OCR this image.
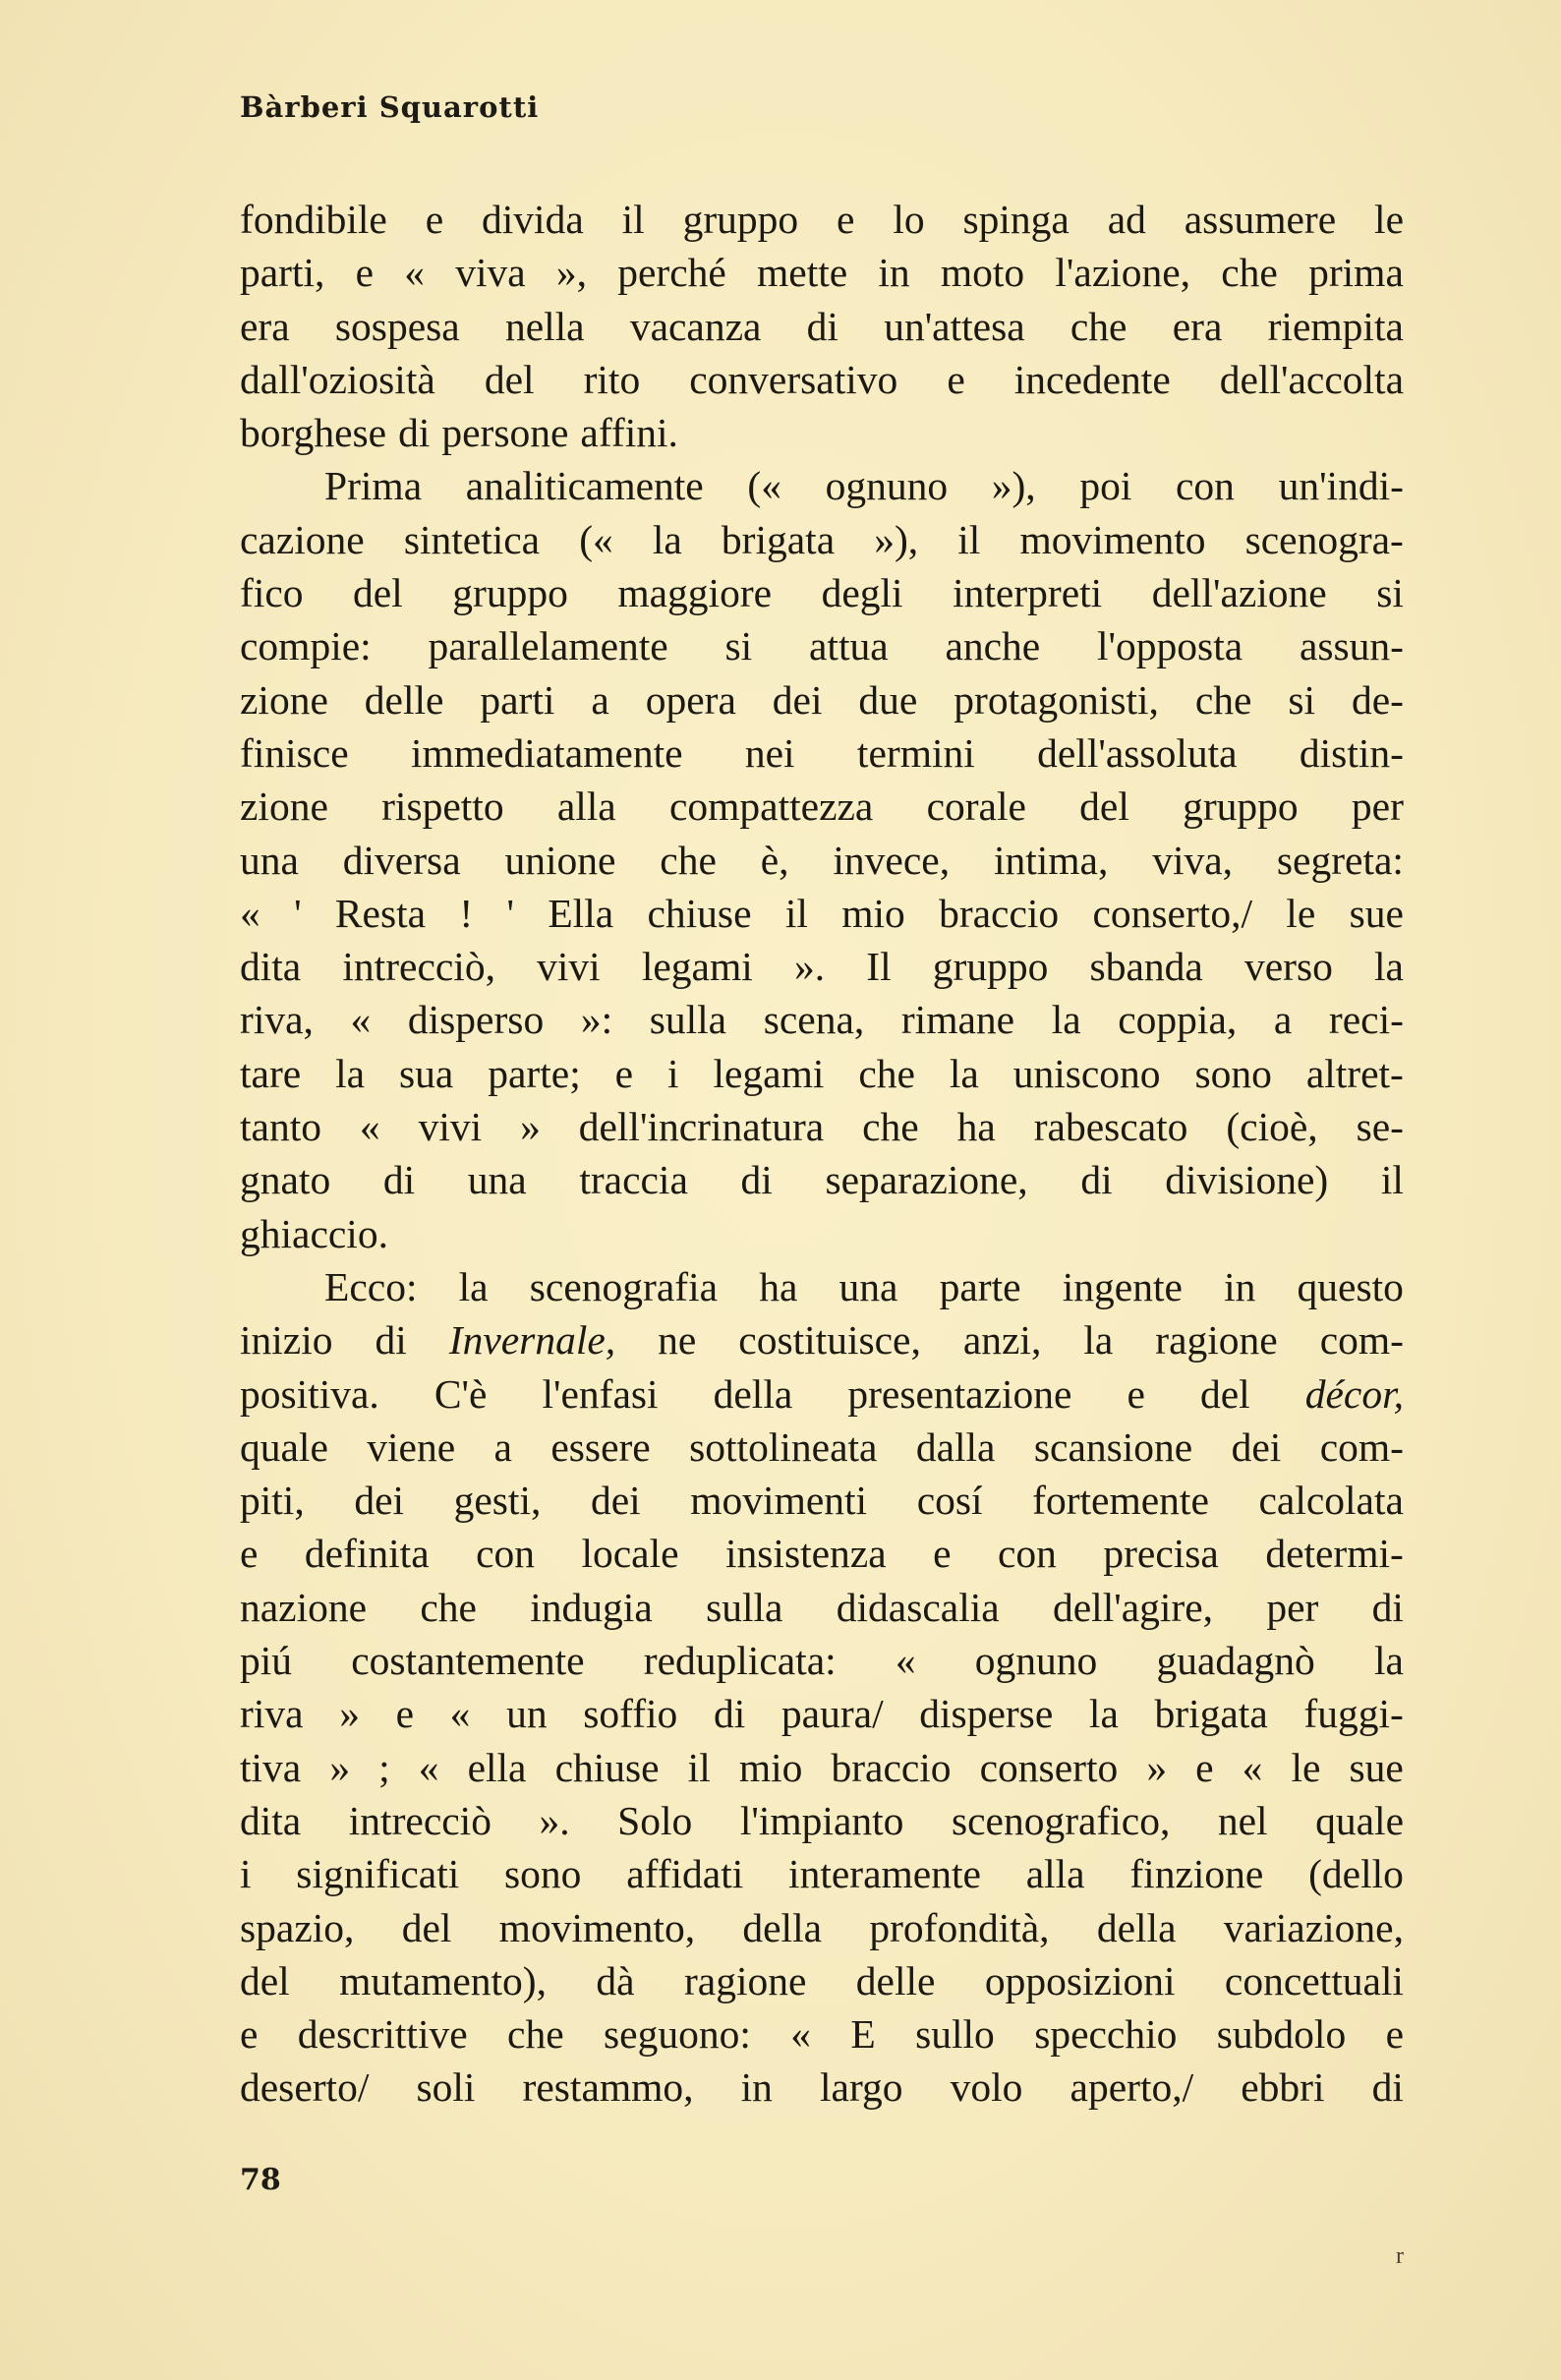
Bàrberi Squarotti
fondibile e divida il gruppo e lo spinga ad assumere le
parti, e « viva », perché mette in moto l'azione, che prima
era sospesa nella vacanza di un'attesa che era riempita
dall'oziosità del rito conversativo e incedente dell'accolta
borghese di persone affini.
Prima analiticamente (« ognuno »), poi con un'indi-
cazione sintetica (« la brigata »), il movimento scenogra-
fico del gruppo maggiore degli interpreti dell'azione si
compie: parallelamente si attua anche l'opposta assun-
zione delle parti a opera dei due protagonisti, che si de-
finisce immediatamente nei termini dell'assoluta distin-
zione rispetto alla compattezza corale del gruppo per
una diversa unione che è, invece, intima, viva, segreta:
« ' Resta ! ' Ella chiuse il mio braccio conserto,/ le sue
dita intrecciò, vivi legami ». Il gruppo sbanda verso la
riva, « disperso »: sulla scena, rimane la coppia, a reci-
tare la sua parte; e i legami che la uniscono sono altret-
tanto « vivi » dell'incrinatura che ha rabescato (cioè, se-
gnato di una traccia di separazione, di divisione) il
ghiaccio.
Ecco: la scenografia ha una parte ingente in questo
inizio di Invernale, ne costituisce, anzi, la ragione com-
positiva. C'è l'enfasi della presentazione e del décor,
quale viene a essere sottolineata dalla scansione dei com-
piti, dei gesti, dei movimenti cosí fortemente calcolata
e definita con locale insistenza e con precisa determi-
nazione che indugia sulla didascalia dell'agire, per di
piú costantemente reduplicata: « ognuno guadagnò la
riva » e « un soffio di paura/ disperse la brigata fuggi-
tiva » ; « ella chiuse il mio braccio conserto » e « le sue
dita intrecciò ». Solo l'impianto scenografico, nel quale
i significati sono affidati interamente alla finzione (dello
spazio, del movimento, della profondità, della variazione,
del mutamento), dà ragione delle opposizioni concettuali
e descrittive che seguono: « E sullo specchio subdolo e
deserto/ soli restammo, in largo volo aperto,/ ebbri di
78
r
